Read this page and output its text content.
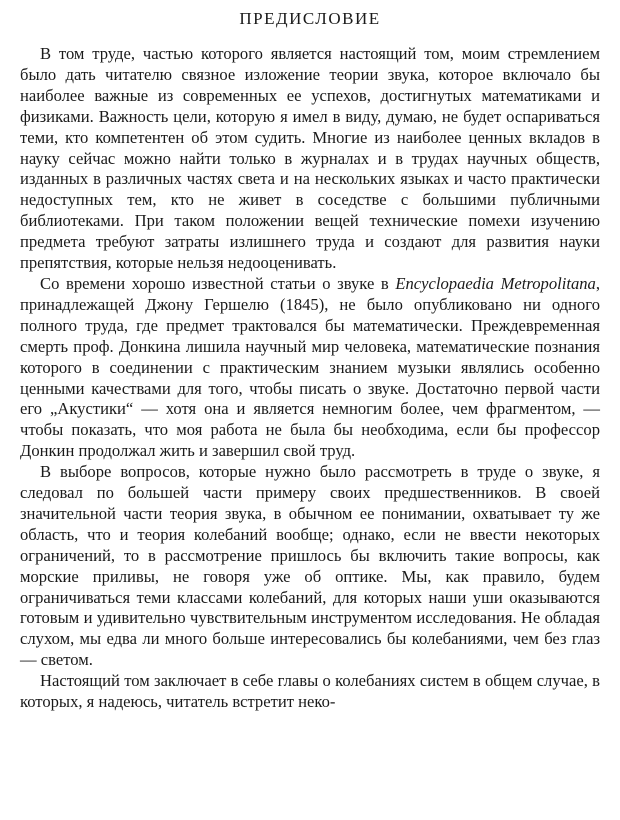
ПРЕДИСЛОВИЕ

В том труде, частью которого является настоящий том, моим стремлением было дать читателю связное изложение теории звука, которое включало бы наиболее важные из современных ее успехов, достигнутых математиками и физиками. Важность цели, которую я имел в виду, думаю, не будет оспариваться теми, кто компетентен об этом судить. Многие из наиболее ценных вкладов в науку сейчас можно найти только в журналах и в трудах научных обществ, изданных в различных частях света и на нескольких языках и часто практически недоступных тем, кто не живет в соседстве с большими публичными библиотеками. При таком положении вещей технические помехи изучению предмета требуют затраты излишнего труда и создают для развития науки препятствия, которые нельзя недооценивать.

Со времени хорошо известной статьи о звуке в Encyclopaedia Metropolitana, принадлежащей Джону Гершелю (1845), не было опубликовано ни одного полного труда, где предмет трактовался бы математически. Преждевременная смерть проф. Донкина лишила научный мир человека, математические познания которого в соединении с практическим знанием музыки являлись особенно ценными качествами для того, чтобы писать о звуке. Достаточно первой части его „Акустики“ — хотя она и является немногим более, чем фрагментом, — чтобы показать, что моя работа не была бы необходима, если бы профессор Донкин продолжал жить и завершил свой труд.

В выборе вопросов, которые нужно было рассмотреть в труде о звуке, я следовал по большей части примеру своих предшественников. В своей значительной части теория звука, в обычном ее понимании, охватывает ту же область, что и теория колебаний вообще; однако, если не ввести некоторых ограничений, то в рассмотрение пришлось бы включить такие вопросы, как морские приливы, не говоря уже об оптике. Мы, как правило, будем ограничиваться теми классами колебаний, для которых наши уши оказываются готовым и удивительно чувствительным инструментом исследования. Не обладая слухом, мы едва ли много больше интересовались бы колебаниями, чем без глаз — светом.

Настоящий том заключает в себе главы о колебаниях систем в общем случае, в которых, я надеюсь, читатель встретит неко-
